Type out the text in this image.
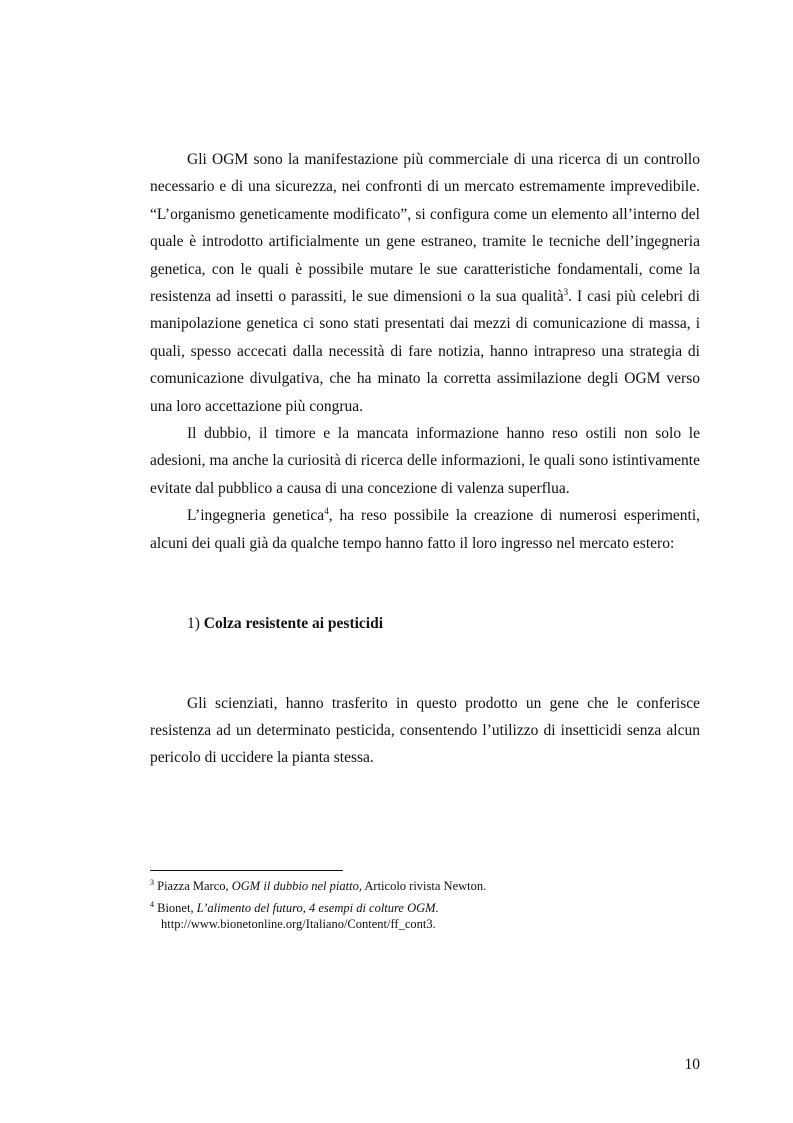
Gli OGM sono la manifestazione più commerciale di una ricerca di un controllo necessario e di una sicurezza, nei confronti di un mercato estremamente imprevedibile. “L’organismo geneticamente modificato”, si configura come un elemento all’interno del quale è introdotto artificialmente un gene estraneo, tramite le tecniche dell’ingegneria genetica, con le quali è possibile mutare le sue caratteristiche fondamentali, come la resistenza ad insetti o parassiti, le sue dimensioni o la sua qualità$^3$. I casi più celebri di manipolazione genetica ci sono stati presentati dai mezzi di comunicazione di massa, i quali, spesso accecati dalla necessità di fare notizia, hanno intrapreso una strategia di comunicazione divulgativa, che ha minato la corretta assimilazione degli OGM verso una loro accettazione più congrua.

Il dubbio, il timore e la mancata informazione hanno reso ostili non solo le adesioni, ma anche la curiosità di ricerca delle informazioni, le quali sono istintivamente evitate dal pubblico a causa di una concezione di valenza superflua.

L’ingegneria genetica$^4$, ha reso possibile la creazione di numerosi esperimenti, alcuni dei quali già da qualche tempo hanno fatto il loro ingresso nel mercato estero:

1) Colza resistente ai pesticidi

Gli scienziati, hanno trasferito in questo prodotto un gene che le conferisce resistenza ad un determinato pesticida, consentendo l’utilizzo di insetticidi senza alcun pericolo di uccidere la pianta stessa.

$^3$ Piazza Marco, OGM il dubbio nel piatto, Articolo rivista Newton.

$^4$ Bionet, L’alimento del futuro, 4 esempi di colture OGM.
http://www.bionetonline.org/Italiano/Content/ff_cont3.

10
